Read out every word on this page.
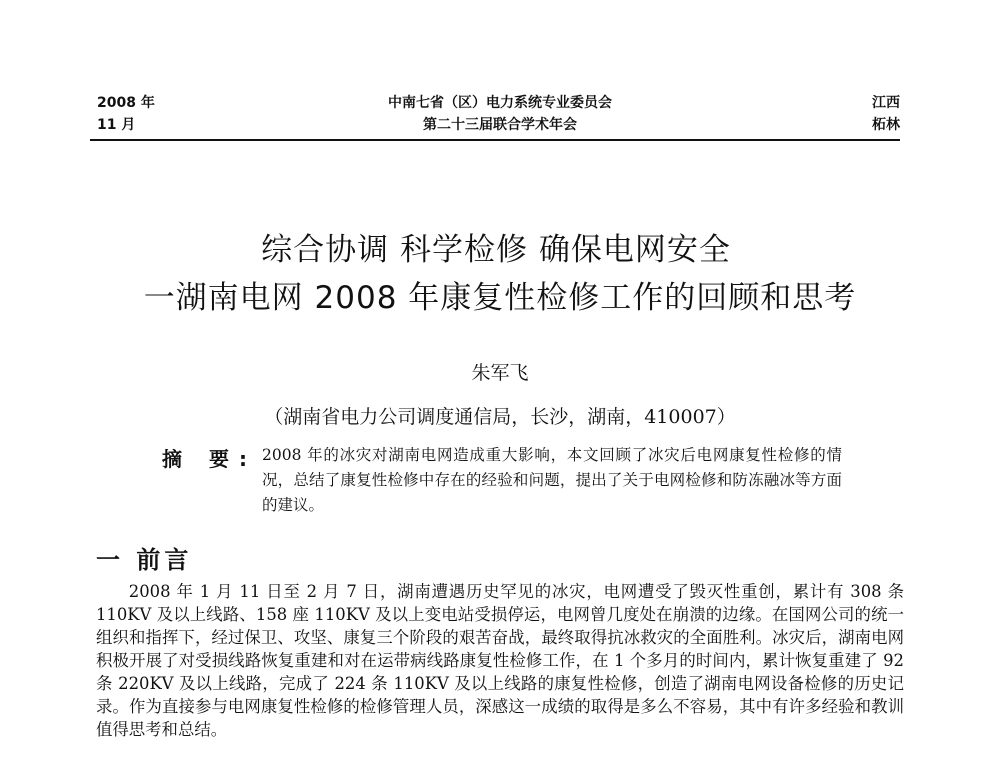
2008 年
11 月
中南七省（区）电力系统专业委员会
第二十三届联合学术年会
江西
柘林
综合协调 科学检修 确保电网安全
一湖南电网 2008 年康复性检修工作的回顾和思考
朱军飞
（湖南省电力公司调度通信局，长沙，湖南，410007）
摘 要: 2008 年的冰灾对湖南电网造成重大影响，本文回顾了冰灾后电网康复性检修的情况，总结了康复性检修中存在的经验和问题，提出了关于电网检修和防冻融冰等方面的建议。
一 前言
2008 年 1 月 11 日至 2 月 7 日，湖南遭遇历史罕见的冰灾，电网遭受了毁灭性重创，累计有 308 条 110KV 及以上线路、158 座 110KV 及以上变电站受损停运，电网曾几度处在崩溃的边缘。在国网公司的统一组织和指挥下，经过保卫、攻坚、康复三个阶段的艰苦奋战，最终取得抗冰救灾的全面胜利。冰灾后，湖南电网积极开展了对受损线路恢复重建和对在运带病线路康复性检修工作，在 1 个多月的时间内，累计恢复重建了 92 条 220KV 及以上线路，完成了 224 条 110KV 及以上线路的康复性检修，创造了湖南电网设备检修的历史记录。作为直接参与电网康复性检修的检修管理人员，深感这一成绩的取得是多么不容易，其中有许多经验和教训值得思考和总结。
